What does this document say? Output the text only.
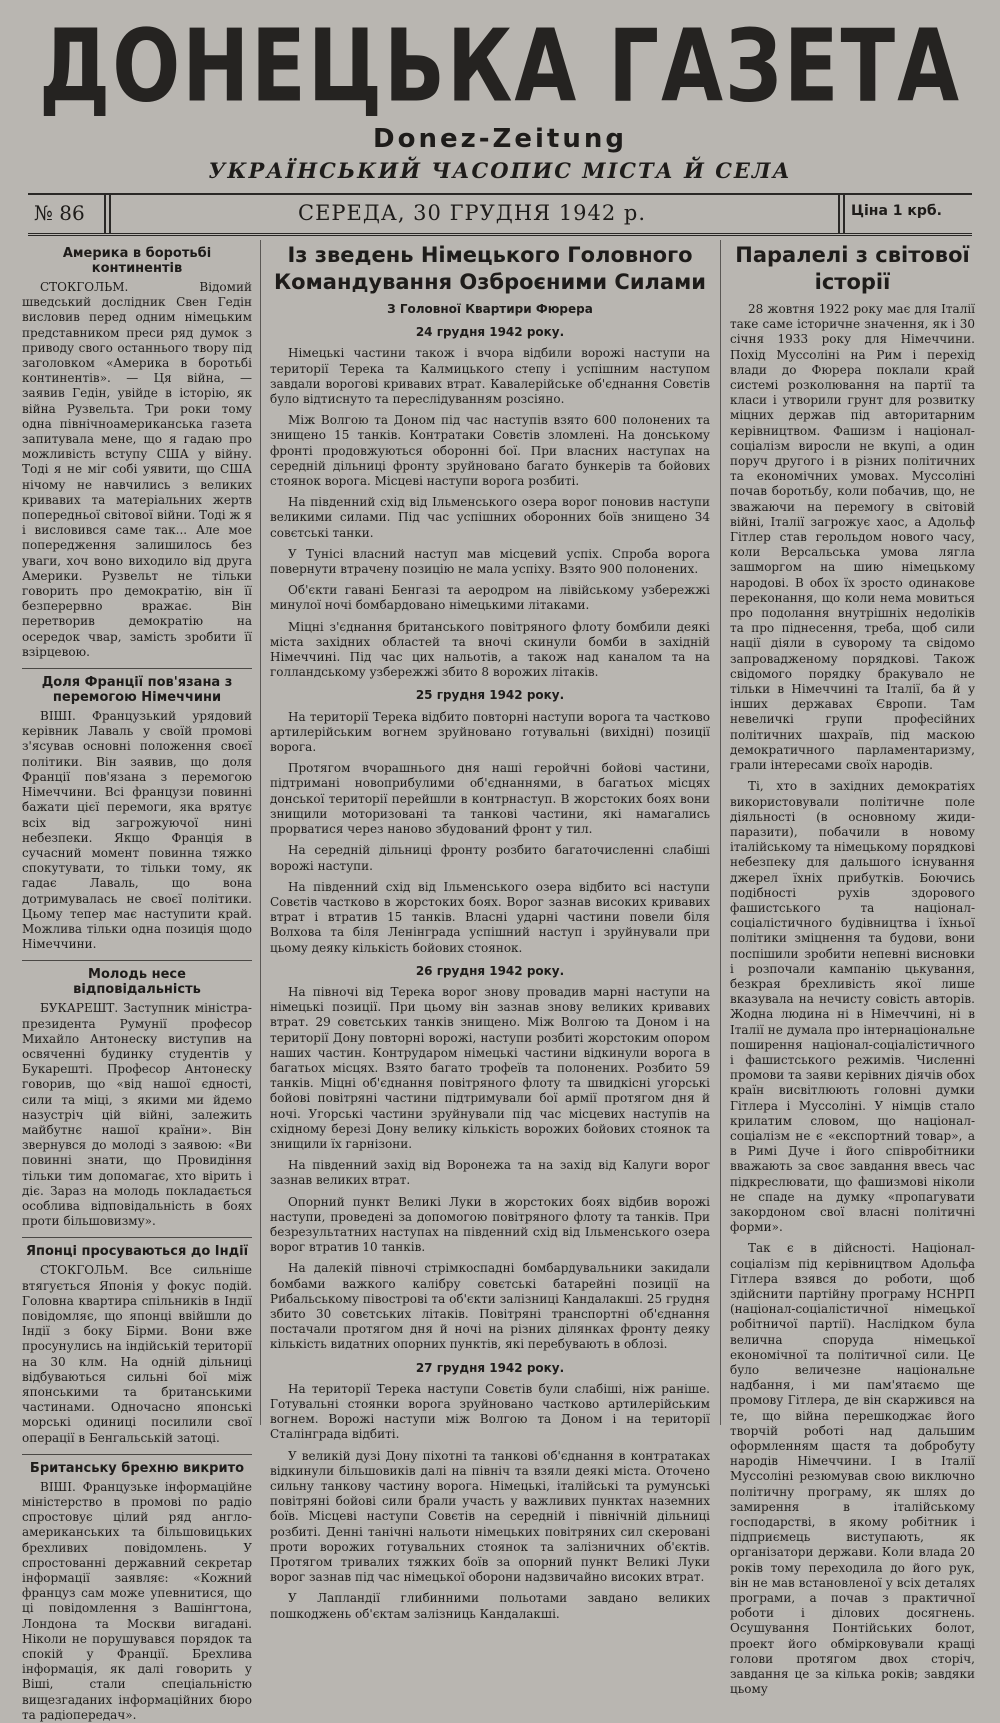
ДОНЕЦЬКА ГАЗЕТА
Donez-Zeitung
УКРАЇНСЬКИЙ ЧАСОПИС МІСТА Й СЕЛА
№ 86	СЕРЕДА, 30 ГРУДНЯ 1942 р.	Ціна 1 крб.
Америка в боротьбі континентів

СТОКГОЛЬМ. Відомий шведський дослідник Свен Гедін висловив перед одним німецьким представником преси ряд думок з приводу свого останнього твору під заголовком «Америка в боротьбі континентів». — Ця війна, — заявив Гедін, увійде в історію, як війна Рузвельта. Три роки тому одна північноамериканська газета запитувала мене, що я гадаю про можливість вступу США у війну. Тоді я не міг собі уявити, що США нічому не навчились з великих кривавих та матеріальних жертв попередньої світової війни. Тоді ж я і висловився саме так... Але мое попередження залишилось без уваги, хоч воно виходило від друга Америки. Рузвельт не тільки говорить про демократію, він її безперервно вражає. Він перетворив демократію на осередок чвар, замість зробити її взірцевою.

Доля Франції пов'язана з перемогою Німеччини

ВІШІ. Французький урядовий керівник Лаваль у своїй промові з'ясував основні положення своєї політики. Він заявив, що доля Франції пов'язана з перемогою Німеччини. Всі французи повинні бажати цієї перемоги, яка врятує всіх від загрожуючої нині небезпеки. Якщо Франція в сучасний момент повинна тяжко спокутувати, то тільки тому, як гадає Лаваль, що вона дотримувалась не своєї політики. Цьому тепер має наступити край. Можлива тільки одна позиція щодо Німеччини.

Молодь несе відповідальність

БУКАРЕШТ. Заступник міністра-президента Румунії професор Михайло Антонеску виступив на освяченні будинку студентів у Букарешті. Професор Антонеску говорив, що «від нашої єдності, сили та міці, з якими ми йдемо назустріч цій війні, залежить майбутнє нашої країни». Він звернувся до молоді з заявою: «Ви повинні знати, що Провидіння тільки тим допомагає, хто вірить і діє. Зараз на молодь покладається особлива відповідальність в боях проти більшовизму».

Японці просуваються до Індії

СТОКГОЛЬМ. Все сильніше втягується Японія у фокус подій. Головна квартира спільників в Індії повідомляє, що японці ввійшли до Індії з боку Бірми. Вони вже просунулись на індійській території на 30 клм. На одній дільниці відбуваються сильні бої між японськими та британськими частинами. Одночасно японські морські одиниці посилили свої операції в Бенгальській затоці.

Британську брехню викрито

ВІШІ. Французьке інформаційне міністерство в промові по радіо спростовує цілий ряд англо-американських та більшовицьких брехливих повідомлень. У спростованні державний секретар інформації заявляє: «Кожний француз сам може упевнитися, що ці повідомлення з Вашінгтона, Лондона та Москви вигадані. Ніколи не порушувався порядок та спокій у Франції. Брехлива інформація, як далі говорить у Віші, стали спеціальністю вищезгаданих інформаційних бюро та радіопередач».

Із зведень Німецького Головного Командування Озброєними Силами
З Головної Квартири Фюрера
24 грудня 1942 року.

Німецькі частини також і вчора відбили ворожі наступи на території Терека та Калмицького степу і успішним наступом завдали ворогові кривавих втрат. Кавалерійське об'єднання Совєтів було відтиснуто та переслідуванням розсіяно.

Між Волгою та Доном під час наступів взято 600 полонених та знищено 15 танків. Контратаки Совєтів зломлені. На донському фронті продовжуються оборонні бої. При власних наступах на середній дільниці фронту зруйновано багато бункерів та бойових стоянок ворога. Місцеві наступи ворога розбиті.

На південний схід від Ільменського озера ворог поновив наступи великими силами. Під час успішних оборонних боїв знищено 34 совєтські танки.

У Тунісі власний наступ мав місцевий успіх. Спроба ворога повернути втрачену позицію не мала успіху. Взято 900 полонених.

Об'єкти гавані Бенгазі та аеродром на лівійському узбережжі минулої ночі бомбардовано німецькими літаками.

Міцні з'єднання британського повітряного флоту бомбили деякі міста західних областей та вночі скинули бомби в західній Німеччині. Під час цих нальотів, а також над каналом та на голландському узбережжі збито 8 ворожих літаків.

25 грудня 1942 року.

На території Терека відбито повторні наступи ворога та частково артилерійським вогнем зруйновано готувальні (вихідні) позиції ворога.

Протягом вчорашнього дня наші геройчні бойові частини, підтримані новоприбулими об'єднаннями, в багатьох місцях донської території перейшли в контрнаступ. В жорстоких боях вони знищили моторизовані та танкові частини, які намагались прорватися через наново збудований фронт у тил.

На середній дільниці фронту розбито багаточисленні слабіші ворожі наступи.

На південний схід від Ільменського озера відбито всі наступи Совєтів частково в жорстоких боях. Ворог зазнав високих кривавих втрат і втратив 15 танків. Власні ударні частини повели біля Волхова та біля Ленінграда успішний наступ і зруйнували при цьому деяку кількість бойових стоянок.

26 грудня 1942 року.

На півночі від Терека ворог знову провадив марні наступи на німецькі позиції. При цьому він зазнав знову великих кривавих втрат. 29 совєтських танків знищено. Між Волгою та Доном і на території Дону повторні ворожі, наступи розбиті жорстоким опором наших частин. Контрударом німецькі частини відкинули ворога в багатьох місцях. Взято багато трофеїв та полонених. Розбито 59 танків. Міцні об'єднання повітряного флоту та швидкісні угорські бойові повітряні частини підтримували бої армії протягом дня й ночі. Угорські частини зруйнували під час місцевих наступів на східному березі Дону велику кількість ворожих бойових стоянок та знищили їх гарнізони.

На південний захід від Воронежа та на захід від Калуги ворог зазнав великих втрат.

Опорний пункт Великі Луки в жорстоких боях відбив ворожі наступи, проведені за допомогою повітряного флоту та танків. При безрезультатних наступах на південний схід від Ільменського озера ворог втратив 10 танків.

На далекій півночі стрімкоспадні бомбардувальники закидали бомбами важкого калібру совєтські батарейні позиції на Рибальському півострові та об'єкти залізниці Кандалакші. 25 грудня збито 30 совєтських літаків. Повітряні транспортні об'єднання постачали протягом дня й ночі на різних ділянках фронту деяку кількість видатних опорних пунктів, які перебувають в облозі.

27 грудня 1942 року.

На території Терека наступи Совєтів були слабіші, ніж раніше. Готувальні стоянки ворога зруйновано частково артилерійським вогнем. Ворожі наступи між Волгою та Доном і на території Сталінграда відбиті.

У великій дузі Дону піхотні та танкові об'єднання в контратаках відкинули більшовиків далі на північ та взяли деякі міста. Оточено сильну танкову частину ворога. Німецькі, італійські та румунські повітряні бойові сили брали участь у важливих пунктах наземних боїв. Місцеві наступи Совєтів на середній і північній дільниці розбиті. Денні танічні нальоти німецьких повітряних сил скеровані проти ворожих готувальних стоянок та залізничних об'єктів. Протягом тривалих тяжких боїв за опорний пункт Великі Луки ворог зазнав під час німецької оборони надзвичайно високих втрат.

У Лапландії глибинними польотами завдано великих пошкоджень об'єктам залізниць Кандалакші.

Паралелі з світової історії

28 жовтня 1922 року має для Італії таке саме історичне значення, як і 30 січня 1933 року для Німеччини. Похід Муссоліні на Рим і перехід влади до Фюрера поклали край системі розколювання на партії та класи і утворили грунт для розвитку міцних держав під авторитарним керівництвом. Фашизм і націонал-соціалізм виросли не вкупі, а один поруч другого і в різних політичних та економічних умовах. Муссоліні почав боротьбу, коли побачив, що, не зважаючи на перемогу в світовій війні, Італії загрожує хаос, а Адольф Гітлер став герольдом нового часу, коли Версальська умова лягла зашморгом на шию німецькому народові. В обох їх зросто одинакове переконання, що коли нема мовиться про подолання внутрішніх недоліків та про піднесення, треба, щоб сили нації діяли в суворому та свідомо запровадженому порядкові. Також свідомого порядку бракувало не тільки в Німеччині та Італії, ба й у інших державах Європи. Там невеличкі групи професійних політичних шахраїв, під маскою демократичного парламентаризму, грали інтересами своїх народів.

Ті, хто в західних демократіях використовували політичне поле діяльності (в основному жиди-паразити), побачили в новому італійському та німецькому порядкові небезпеку для дальшого існування джерел їхніх прибутків. Боючись подібності рухів здорового фашистського та націонал-соціалістичного будівництва і їхньої політики зміцнення та будови, вони поспішили зробити непевні висновки і розпочали кампанію цькування, безкрая брехливість якої лише вказувала на нечисту совість авторів. Жодна людина ні в Німеччині, ні в Італії не думала про інтернаціональне поширення націонал-соціалістичного і фашистського режимів. Численні промови та заяви керівних діячів обох країн висвітлюють головні думки Гітлера і Муссоліні. У німців стало крилатим словом, що націонал-соціалізм не є «експортний товар», а в Римі Дуче і його співробітники вважають за своє завдання ввесь час підкреслювати, що фашизмові ніколи не спаде на думку «пропагувати закордоном свої власні політичні форми».

Так є в дійсності. Націонал-соціалізм під керівництвом Адольфа Гітлера взявся до роботи, щоб здійснити партійну програму НСНРП (націонал-соціалістичної німецької робітничої партії). Наслідком була велична споруда німецької економічної та політичної сили. Це було величезне національне надбання, і ми пам'ятаємо ще промову Гітлера, де він скаржився на те, що війна перешкоджає його творчій роботі над дальшим оформленням щастя та добробуту народів Німеччини. І в Італії Муссоліні резюмував свою виключно політичну програму, як шлях до замирення в італійському господарстві, в якому робітник і підприємець виступають, як організатори держави. Коли влада 20 років тому переходила до його рук, він не мав встановленої у всіх деталях програми, а почав з практичної роботи і ділових досягнень. Осушування Понтійських болот, проект його обмірковували кращі голови протягом двох сторіч, завдання це за кілька років; завдяки цьому
